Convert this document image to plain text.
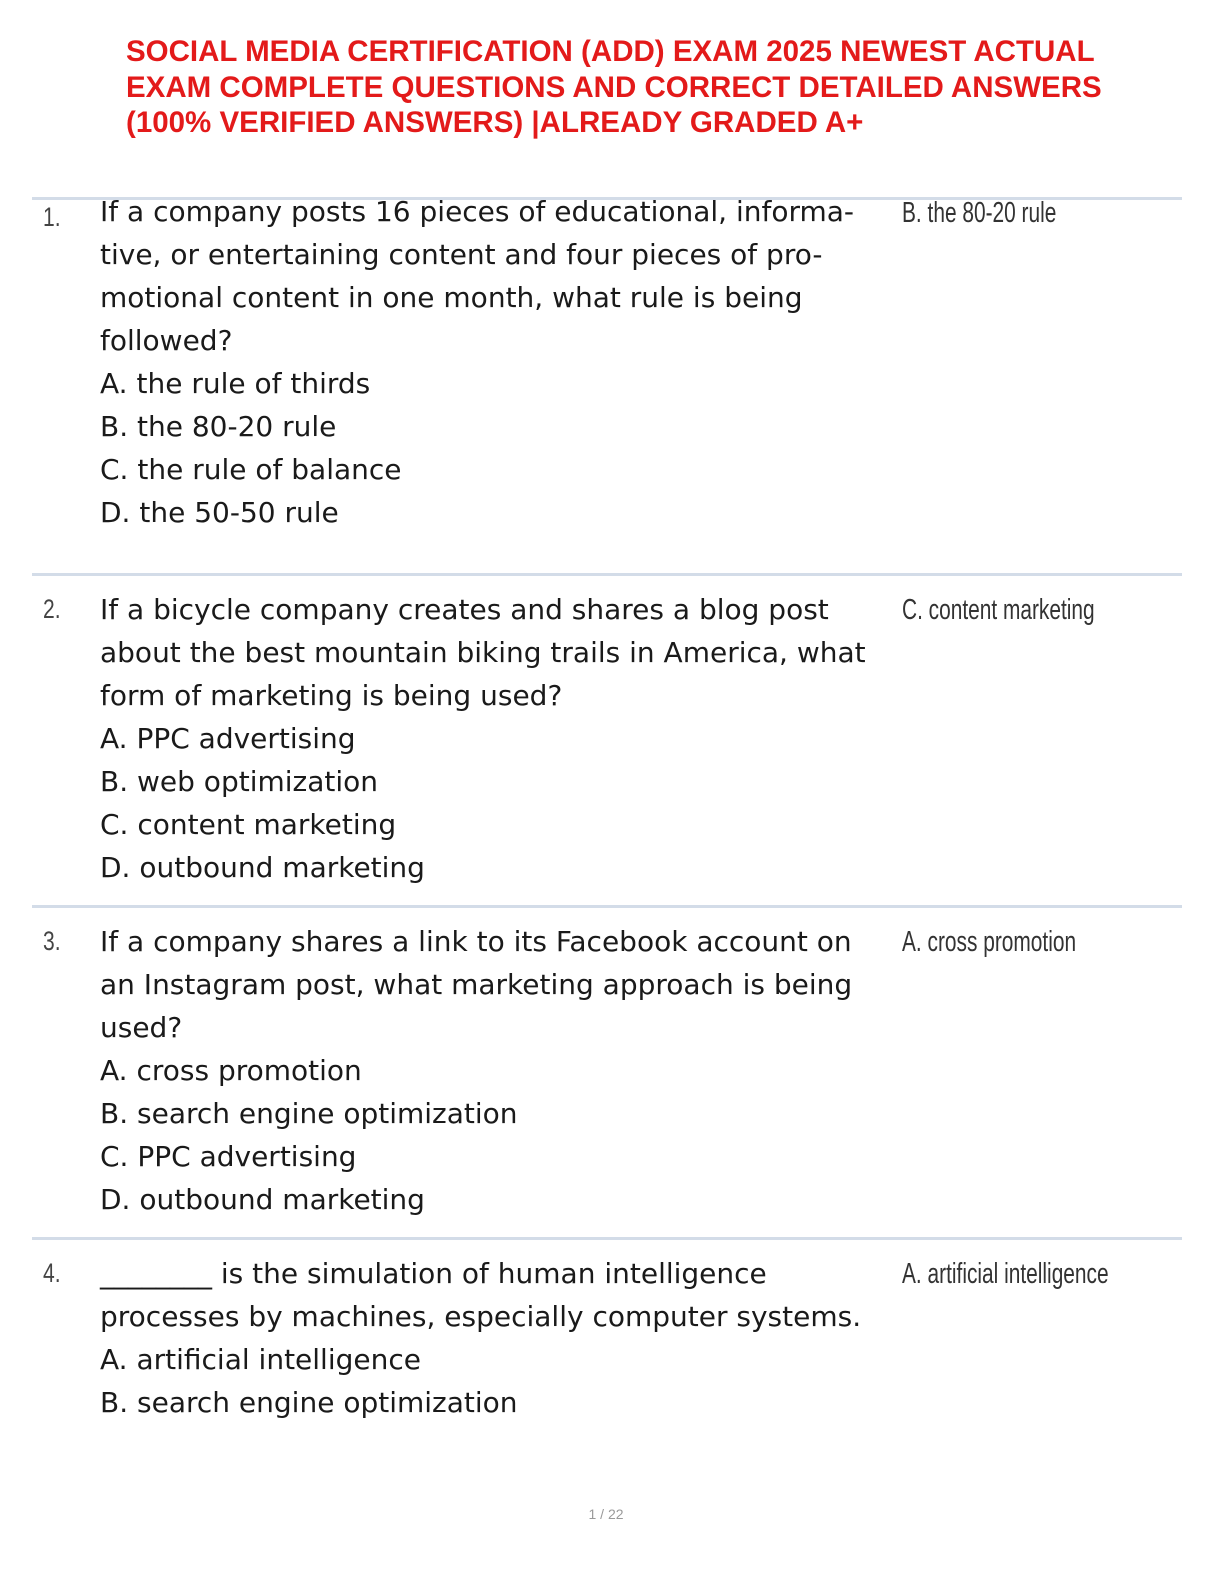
SOCIAL MEDIA CERTIFICATION (ADD) EXAM 2025 NEWEST ACTUAL
EXAM COMPLETE QUESTIONS AND CORRECT DETAILED ANSWERS
(100% VERIFIED ANSWERS) |ALREADY GRADED A+
1. If a company posts 16 pieces of educational, informa-
tive, or entertaining content and four pieces of pro-
motional content in one month, what rule is being
followed?
A. the rule of thirds
B. the 80-20 rule
C. the rule of balance
D. the 50-50 rule
B. the 80-20 rule
2. If a bicycle company creates and shares a blog post
about the best mountain biking trails in America, what
form of marketing is being used?
A. PPC advertising
B. web optimization
C. content marketing
D. outbound marketing
C. content marketing
3. If a company shares a link to its Facebook account on
an Instagram post, what marketing approach is being
used?
A. cross promotion
B. search engine optimization
C. PPC advertising
D. outbound marketing
A. cross promotion
4. ________ is the simulation of human intelligence
processes by machines, especially computer systems.
A. artificial intelligence
B. search engine optimization
A. artificial intelligence
1 / 22
